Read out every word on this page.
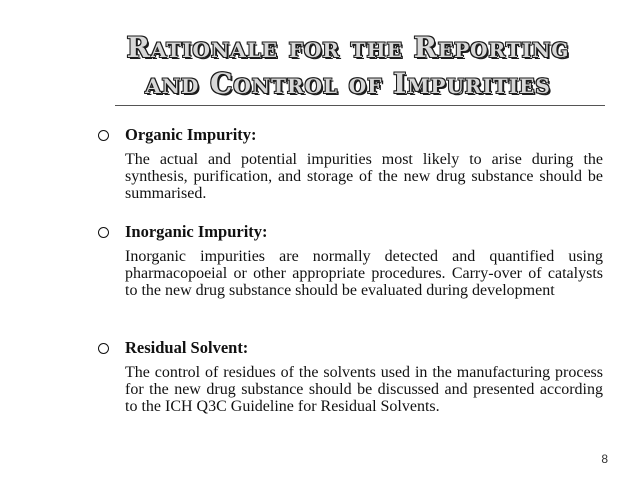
Rationale for the Reporting
and Control of Impurities
Organic Impurity:
The actual and potential impurities most likely to arise during the synthesis, purification, and storage of the new drug substance should be summarised.
Inorganic Impurity:
Inorganic impurities are normally detected and quantified using pharmacopoeial or other appropriate procedures. Carry-over of catalysts to the new drug substance should be evaluated during development
Residual Solvent:
The control of residues of the solvents used in the manufacturing process for the new drug substance should be discussed and presented according to the ICH Q3C Guideline for Residual Solvents.
8
